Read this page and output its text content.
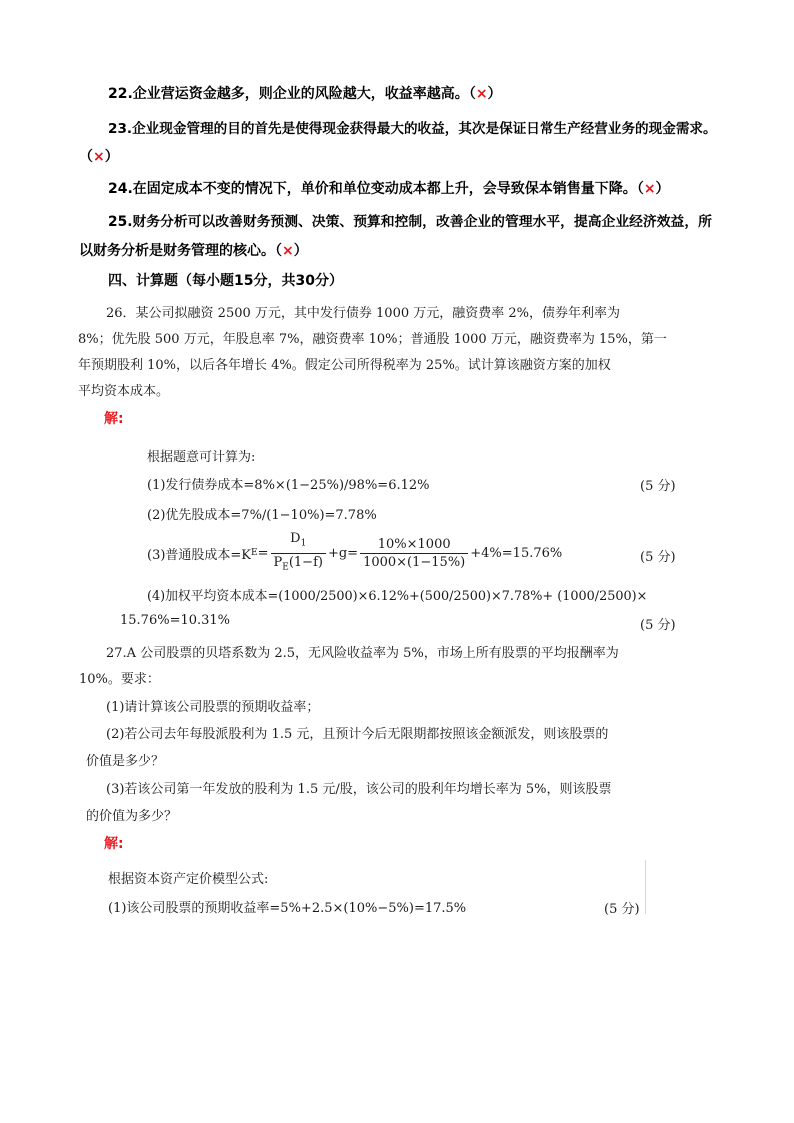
22.企业营运资金越多，则企业的风险越大，收益率越高。（×）
23.企业现金管理的目的首先是使得现金获得最大的收益，其次是保证日常生产经营业务的现金需求。
（×）
24.在固定成本不变的情况下，单价和单位变动成本都上升，会导致保本销售量下降。（×）
25.财务分析可以改善财务预测、决策、预算和控制，改善企业的管理水平，提高企业经济效益，所
以财务分析是财务管理的核心。（×）
四、计算题（每小题15分，共30分）
26．某公司拟融资 2500 万元，其中发行债券 1000 万元，融资费率 2%，债券年利率为
8%；优先股 500 万元，年股息率 7%，融资费率 10%；普通股 1000 万元，融资费率为 15%，第一
年预期股利 10%，以后各年增长 4%。假定公司所得税率为 25%。试计算该融资方案的加权
平均资本成本。
解:
根据题意可计算为:
(1)发行债券成本=8%×(1−25%)/98%=6.12%	(5 分)
(2)优先股成本=7%/(1−10%)=7.78%
(3)普通股成本=K $E = \frac{D_1}{P_E(1-f)} +g= \frac{10\%\times 1000}{1000\times(1-15\%)} +4\%=15.76\%$	(5 分)
(4)加权平均资本成本=(1000/2500)×6.12%+(500/2500)×7.78%+ (1000/2500)×
15.76%=10.31%	(5 分)
27.A 公司股票的贝塔系数为 2.5，无风险收益率为 5%，市场上所有股票的平均报酬率为
10%。要求：
(1)请计算该公司股票的预期收益率；
(2)若公司去年每股派股利为 1.5 元，且预计今后无限期都按照该金额派发，则该股票的
价值是多少？
(3)若该公司第一年发放的股利为 1.5 元/股，该公司的股利年均增长率为 5%，则该股票
的价值为多少？
解:
根据资本资产定价模型公式:
(1)该公司股票的预期收益率=5%+2.5×(10%−5%)=17.5%	(5 分)
